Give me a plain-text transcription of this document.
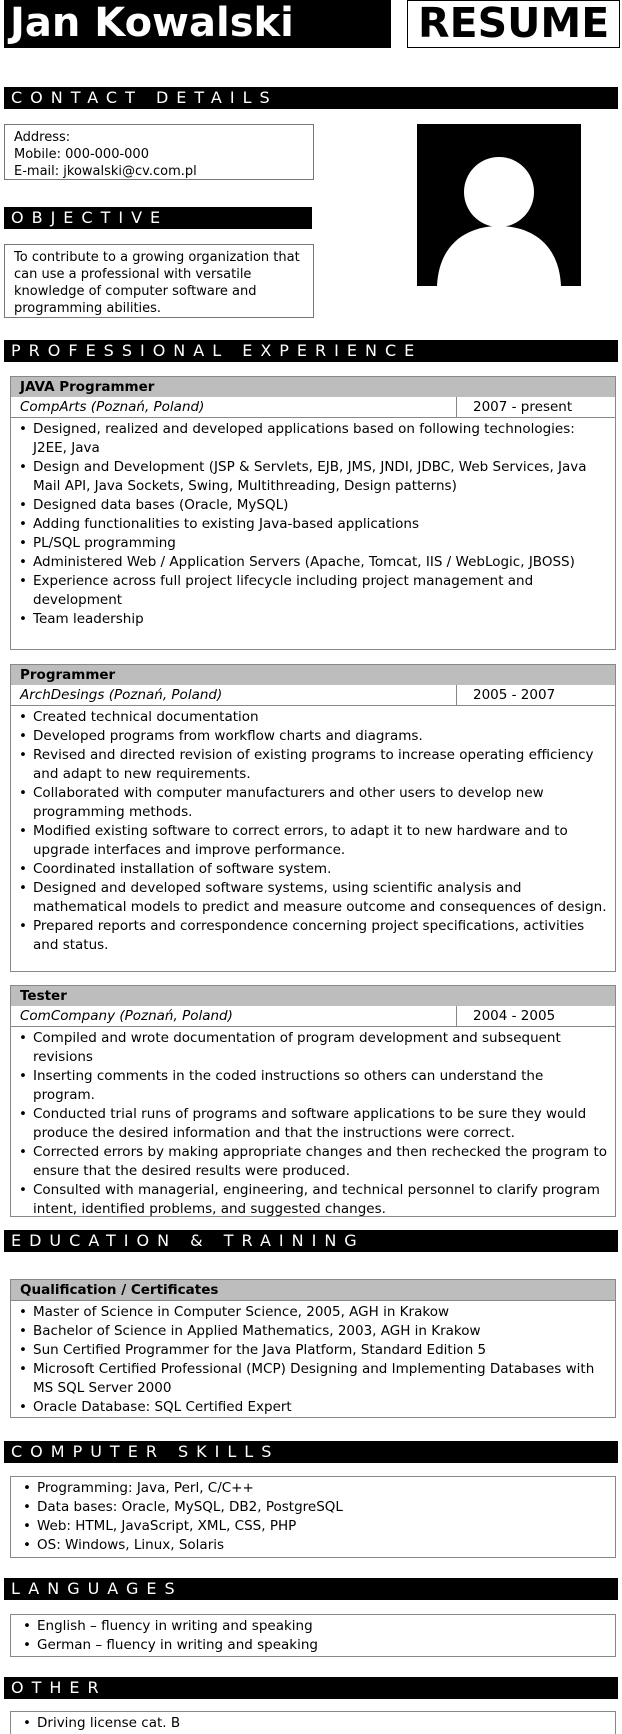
Jan Kowalski	RESUME
CONTACT DETAILS
Address:
Mobile: 000-000-000
E-mail: jkowalski@cv.com.pl
OBJECTIVE
To contribute to a growing organization that can use a professional with versatile knowledge of computer software and programming abilities.
PROFESSIONAL EXPERIENCE
JAVA Programmer
CompArts (Poznań, Poland)	2007 - present
• Designed, realized and developed applications based on following technologies: J2EE, Java
• Design and Development (JSP & Servlets, EJB, JMS, JNDI, JDBC, Web Services, Java Mail API, Java Sockets, Swing, Multithreading, Design patterns)
• Designed data bases (Oracle, MySQL)
• Adding functionalities to existing Java-based applications
• PL/SQL programming
• Administered Web / Application Servers (Apache, Tomcat, IIS / WebLogic, JBOSS)
• Experience across full project lifecycle including project management and development
• Team leadership
Programmer
ArchDesings (Poznań, Poland)	2005 - 2007
• Created technical documentation
• Developed programs from workflow charts and diagrams.
• Revised and directed revision of existing programs to increase operating efficiency and adapt to new requirements.
• Collaborated with computer manufacturers and other users to develop new programming methods.
• Modified existing software to correct errors, to adapt it to new hardware and to upgrade interfaces and improve performance.
• Coordinated installation of software system.
• Designed and developed software systems, using scientific analysis and mathematical models to predict and measure outcome and consequences of design.
• Prepared reports and correspondence concerning project specifications, activities and status.
Tester
ComCompany (Poznań, Poland)	2004 - 2005
• Compiled and wrote documentation of program development and subsequent revisions
• Inserting comments in the coded instructions so others can understand the program.
• Conducted trial runs of programs and software applications to be sure they would produce the desired information and that the instructions were correct.
• Corrected errors by making appropriate changes and then rechecked the program to ensure that the desired results were produced.
• Consulted with managerial, engineering, and technical personnel to clarify program intent, identified problems, and suggested changes.
EDUCATION & TRAINING
Qualification / Certificates
• Master of Science in Computer Science, 2005, AGH in Krakow
• Bachelor of Science in Applied Mathematics, 2003, AGH in Krakow
• Sun Certified Programmer for the Java Platform, Standard Edition 5
• Microsoft Certified Professional (MCP) Designing and Implementing Databases with MS SQL Server 2000
• Oracle Database: SQL Certified Expert
COMPUTER SKILLS
• Programming: Java, Perl, C/C++
• Data bases: Oracle, MySQL, DB2, PostgreSQL
• Web: HTML, JavaScript, XML, CSS, PHP
• OS: Windows, Linux, Solaris
LANGUAGES
• English – fluency in writing and speaking
• German – fluency in writing and speaking
OTHER
• Driving license cat. B
